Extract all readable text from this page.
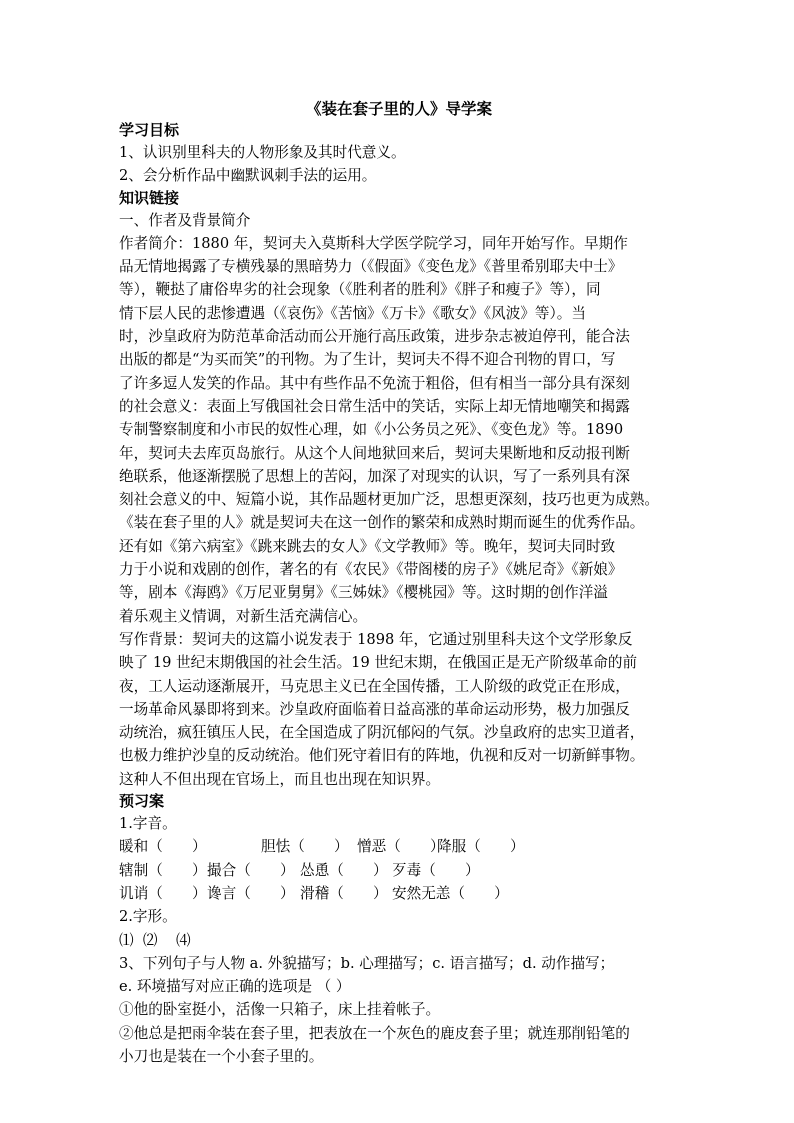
《装在套子里的人》导学案
学习目标
1、认识别里科夫的人物形象及其时代意义。
2、会分析作品中幽默讽刺手法的运用。
知识链接
一、作者及背景简介
作者简介：1880 年，契诃夫入莫斯科大学医学院学习，同年开始写作。早期作
品无情地揭露了专横残暴的黑暗势力（《假面》《变色龙》《普里希别耶夫中士》
等），鞭挞了庸俗卑劣的社会现象（《胜利者的胜利》《胖子和瘦子》等），同
情下层人民的悲惨遭遇（《哀伤》《苦恼》《万卡》《歌女》《风波》等）。当
时，沙皇政府为防范革命活动而公开施行高压政策，进步杂志被迫停刊，能合法
出版的都是“为买而笑”的刊物。为了生计，契诃夫不得不迎合刊物的胃口，写
了许多逗人发笑的作品。其中有些作品不免流于粗俗，但有相当一部分具有深刻
的社会意义：表面上写俄国社会日常生活中的笑话，实际上却无情地嘲笑和揭露
专制警察制度和小市民的奴性心理，如《小公务员之死》、《变色龙》等。1890
年，契诃夫去库页岛旅行。从这个人间地狱回来后，契诃夫果断地和反动报刊断
绝联系，他逐渐摆脱了思想上的苦闷，加深了对现实的认识，写了一系列具有深
刻社会意义的中、短篇小说，其作品题材更加广泛，思想更深刻，技巧也更为成熟。
《装在套子里的人》就是契诃夫在这一创作的繁荣和成熟时期而诞生的优秀作品。
还有如《第六病室》《跳来跳去的女人》《文学教师》等。晚年，契诃夫同时致
力于小说和戏剧的创作，著名的有《农民》《带阁楼的房子》《姚尼奇》《新娘》
等，剧本《海鸥》《万尼亚舅舅》《三姊妹》《樱桃园》等。这时期的创作洋溢
着乐观主义情调，对新生活充满信心。
写作背景：契诃夫的这篇小说发表于 1898 年，它通过别里科夫这个文学形象反
映了 19 世纪末期俄国的社会生活。19 世纪末期，在俄国正是无产阶级革命的前
夜，工人运动逐渐展开，马克思主义已在全国传播，工人阶级的政党正在形成，
一场革命风暴即将到来。沙皇政府面临着日益高涨的革命运动形势，极力加强反
动统治，疯狂镇压人民，在全国造成了阴沉郁闷的气氛。沙皇政府的忠实卫道者，
也极力维护沙皇的反动统治。他们死守着旧有的阵地，仇视和反对一切新鲜事物。
这种人不但出现在官场上，而且也出现在知识界。
预习案
1.字音。
暖和（　　）	胆怯（　　） 憎恶（　　）
降服（　　）
辖制（　　） 撮合（　　） 怂恿（　　） 歹毒（　　）
讥诮（　　） 谗言（　　） 滑稽（　　） 安然无恙（　　）
2.字形。
⑴  ⑵    ⑷
3、下列句子与人物 a. 外貌描写；b. 心理描写；c. 语言描写；d. 动作描写；
e. 环境描写对应正确的选项是 （ ）
①他的卧室挺小，活像一只箱子，床上挂着帐子。
②他总是把雨伞装在套子里，把表放在一个灰色的鹿皮套子里；就连那削铅笔的
小刀也是装在一个小套子里的。
